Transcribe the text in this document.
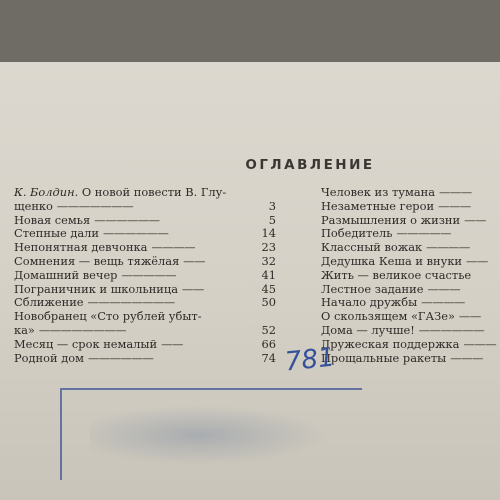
ОГЛАВЛЕНИЕ
К. Болдин. О новой повести В. Глу-
щенко ———————	3
Новая семья ——————	5
Степные дали ——————	14
Непонятная девчонка ————	23
Сомнения — вещь тяжёлая ——	32
Домашний вечер —————	41
Пограничник и школьница ——	45
Сближение ————————	50
Новобранец «Сто рублей убыт-
ка» ————————	52
Месяц — срок немалый ——	66
Родной дом ——————	74
Человек из тумана ———
Незаметные герои ———
Размышления о жизни ——
Победитель —————
Классный вожак ————
Дедушка Кеша и внуки ——
Жить — великое счастье
Лестное задание ———
Начало дружбы ————
О скользящем «ГАЗе» ——
Дома — лучше! ——————
Дружеская поддержка ———
Прощальные ракеты ———
781
